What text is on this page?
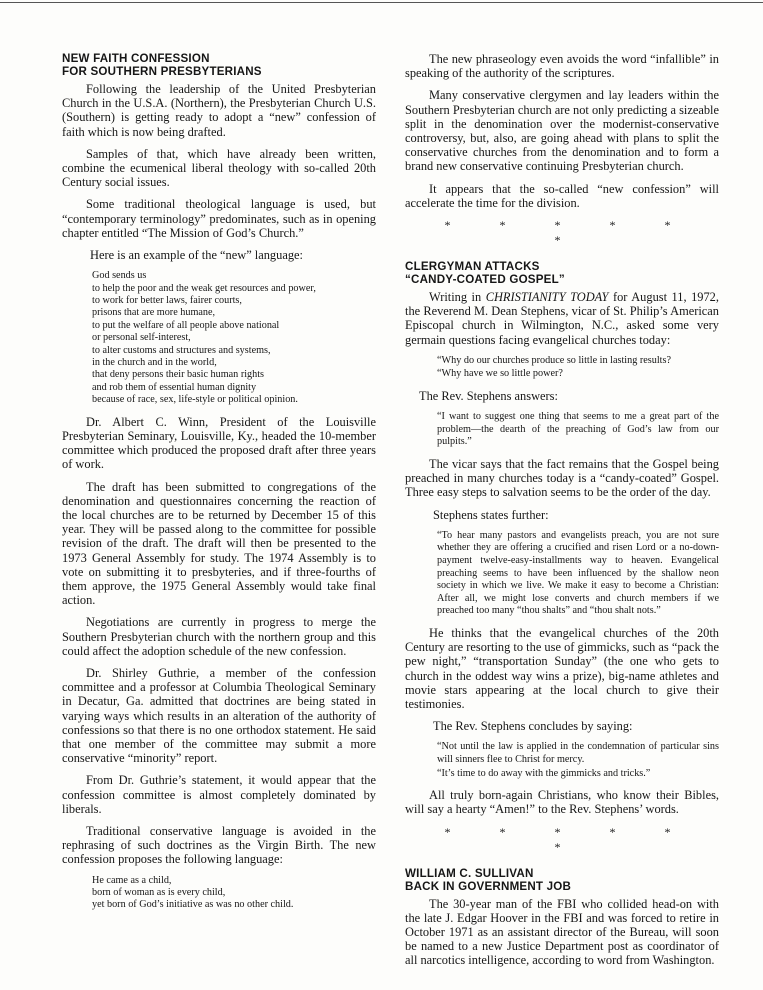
NEW FAITH CONFESSION
FOR SOUTHERN PRESBYTERIANS

Following the leadership of the United Presbyterian Church in the U.S.A. (Northern), the Presbyterian Church U.S. (Southern) is getting ready to adopt a “new” confession of faith which is now being drafted.

Samples of that, which have already been written, combine the ecumenical liberal theology with so-called 20th Century social issues.

Some traditional theological language is used, but “contemporary terminology” predominates, such as in opening chapter entitled “The Mission of God’s Church.”

Here is an example of the “new” language:
God sends us
to help the poor and the weak get resources and power,
to work for better laws, fairer courts,
prisons that are more humane,
to put the welfare of all people above national
or personal self-interest,
to alter customs and structures and systems,
in the church and in the world,
that deny persons their basic human rights
and rob them of essential human dignity
because of race, sex, life-style or political opinion.

Dr. Albert C. Winn, President of the Louisville Presbyterian Seminary, Louisville, Ky., headed the 10-member committee which produced the proposed draft after three years of work.

The draft has been submitted to congregations of the denomination and questionnaires concerning the reaction of the local churches are to be returned by December 15 of this year. They will be passed along to the committee for possible revision of the draft. The draft will then be presented to the 1973 General Assembly for study. The 1974 Assembly is to vote on submitting it to presbyteries, and if three-fourths of them approve, the 1975 General Assembly would take final action.

Negotiations are currently in progress to merge the Southern Presbyterian church with the northern group and this could affect the adoption schedule of the new confession.

Dr. Shirley Guthrie, a member of the confession committee and a professor at Columbia Theological Seminary in Decatur, Ga. admitted that doctrines are being stated in varying ways which results in an alteration of the authority of confessions so that there is no one orthodox statement. He said that one member of the committee may submit a more conservative “minority” report.

From Dr. Guthrie’s statement, it would appear that the confession committee is almost completely dominated by liberals.

Traditional conservative language is avoided in the rephrasing of such doctrines as the Virgin Birth. The new confession proposes the following language:

He came as a child,
born of woman as is every child,
yet born of God’s initiative as was no other child.

The new phraseology even avoids the word “infallible” in speaking of the authority of the scriptures.

Many conservative clergymen and lay leaders within the Southern Presbyterian church are not only predicting a sizeable split in the denomination over the modernist-conservative controversy, but, also, are going ahead with plans to split the conservative churches from the denomination and to form a brand new conservative continuing Presbyterian church.

It appears that the so-called “new confession” will accelerate the time for the division.

* * * * * *
CLERGYMAN ATTACKS
“CANDY-COATED GOSPEL”

Writing in CHRISTIANITY TODAY for August 11, 1972, the Reverend M. Dean Stephens, vicar of St. Philip’s American Episcopal church in Wilmington, N.C., asked some very germain questions facing evangelical churches today:

“Why do our churches produce so little in lasting results?
“Why have we so little power?
The Rev. Stephens answers:
“I want to suggest one thing that seems to me a great part of the problem—the dearth of the preaching of God’s law from our pulpits.”

The vicar says that the fact remains that the Gospel being preached in many churches today is a “candy-coated” Gospel. Three easy steps to salvation seems to be the order of the day.

Stephens states further:
“To hear many pastors and evangelists preach, you are not sure whether they are offering a crucified and risen Lord or a no-down-payment twelve-easy-installments way to heaven. Evangelical preaching seems to have been influenced by the shallow neon society in which we live. We make it easy to become a Christian: After all, we might lose converts and church members if we preached too many “thou shalts” and “thou shalt nots.”

He thinks that the evangelical churches of the 20th Century are resorting to the use of gimmicks, such as “pack the pew night,” “transportation Sunday” (the one who gets to church in the oddest way wins a prize), big-name athletes and movie stars appearing at the local church to give their testimonies.

The Rev. Stephens concludes by saying:
“Not until the law is applied in the condemnation of particular sins will sinners flee to Christ for mercy.
“It’s time to do away with the gimmicks and tricks.”

All truly born-again Christians, who know their Bibles, will say a hearty “Amen!” to the Rev. Stephens’ words.

* * * * * *
WILLIAM C. SULLIVAN
BACK IN GOVERNMENT JOB

The 30-year man of the FBI who collided head-on with the late J. Edgar Hoover in the FBI and was forced to retire in October 1971 as an assistant director of the Bureau, will soon be named to a new Justice Department post as coordinator of all narcotics intelligence, according to word from Washington.
